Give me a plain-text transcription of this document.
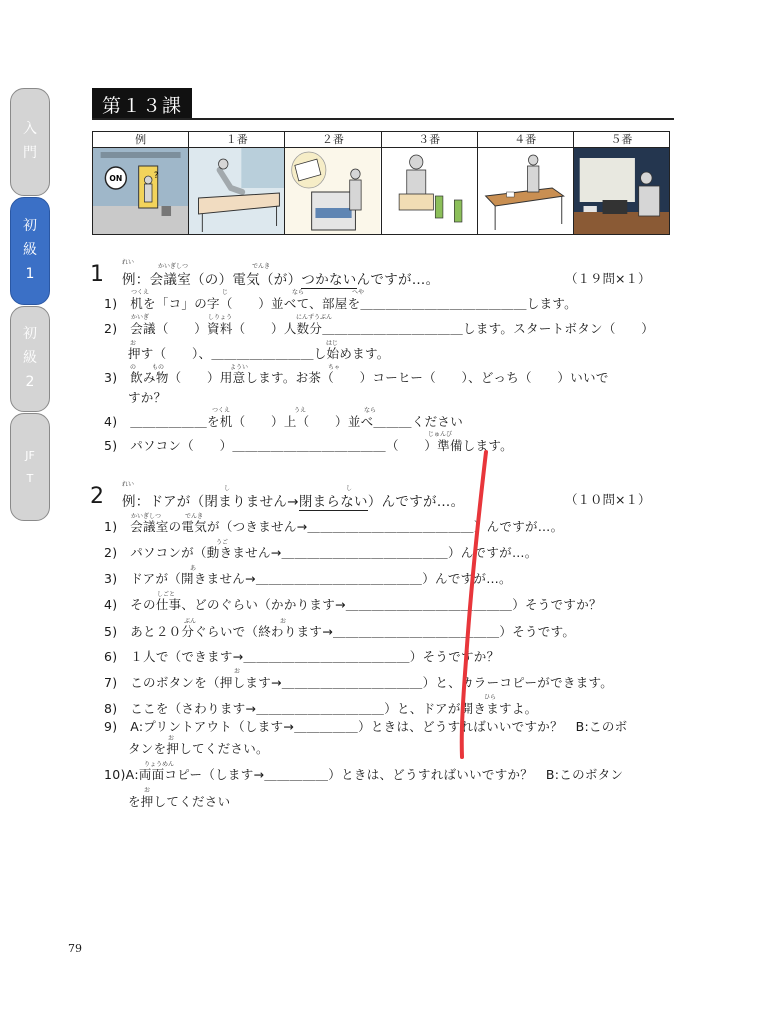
入門
初級1
初級2
JFT
第１３課
例
ON	?
１番	２番	３番	４番	５番
1	れい
かいぎしつ	でんき
例：会議室（の）電気（が）つかないんですが…。	（１９問×１）
1)　机を「コ」の字（　　）並べて、部屋を＿＿＿＿＿＿＿＿＿＿＿＿＿します。
2)　会議（　　）資料（　　）人数分＿＿＿＿＿＿＿＿＿＿＿します。スタートボタン（　　）
押す（　　）、＿＿＿＿＿＿＿＿し始めます。
3)　飲み物（　　）用意します。お茶（　　）コーヒー（　　）、どっち（　　）いいで
すか？
4)　＿＿＿＿＿＿を机（　　）上（　　）並べ＿＿＿ください
5)　パソコン（　　）＿＿＿＿＿＿＿＿＿＿＿＿（　　）準備します。
つくえ	じ	なら	へや
かいぎ	しりょう	にんずうぶん
お	はじ
の	もの	ようい	ちゃ
つくえ	うえ	なら
じゅんび
2	れい
し	し
例：ドアが（閉まりません→閉まらない）んですが…。	（１０問×１）
1)　会議室の電気が（つきません→＿＿＿＿＿＿＿＿＿＿＿＿＿）んですが…。
2)　パソコンが（動きません→＿＿＿＿＿＿＿＿＿＿＿＿＿）んですが…。
3)　ドアが（開きません→＿＿＿＿＿＿＿＿＿＿＿＿＿）んですが…。
4)　その仕事、どのぐらい（かかります→＿＿＿＿＿＿＿＿＿＿＿＿＿）そうですか？
5)　あと２０分ぐらいで（終わります→＿＿＿＿＿＿＿＿＿＿＿＿＿）そうです。
6)　１人で（できます→＿＿＿＿＿＿＿＿＿＿＿＿＿）そうですか？
7)　このボタンを（押します→＿＿＿＿＿＿＿＿＿＿＿）と、カラーコピーができます。
8)　ここを（さわります→＿＿＿＿＿＿＿＿＿＿）と、ドアが開きますよ。
9)　A:プリントアウト（します→＿＿＿＿＿）ときは、どうすればいいですか？　B:このボ
タンを押してください。
10)A:両面コピー（します→＿＿＿＿＿）ときは、どうすればいいですか？　B:このボタン
を押してください
かいぎしつ	でんき
うご
あ
しごと
ぶん	お
お
ひら
お
りょうめん
お
79
